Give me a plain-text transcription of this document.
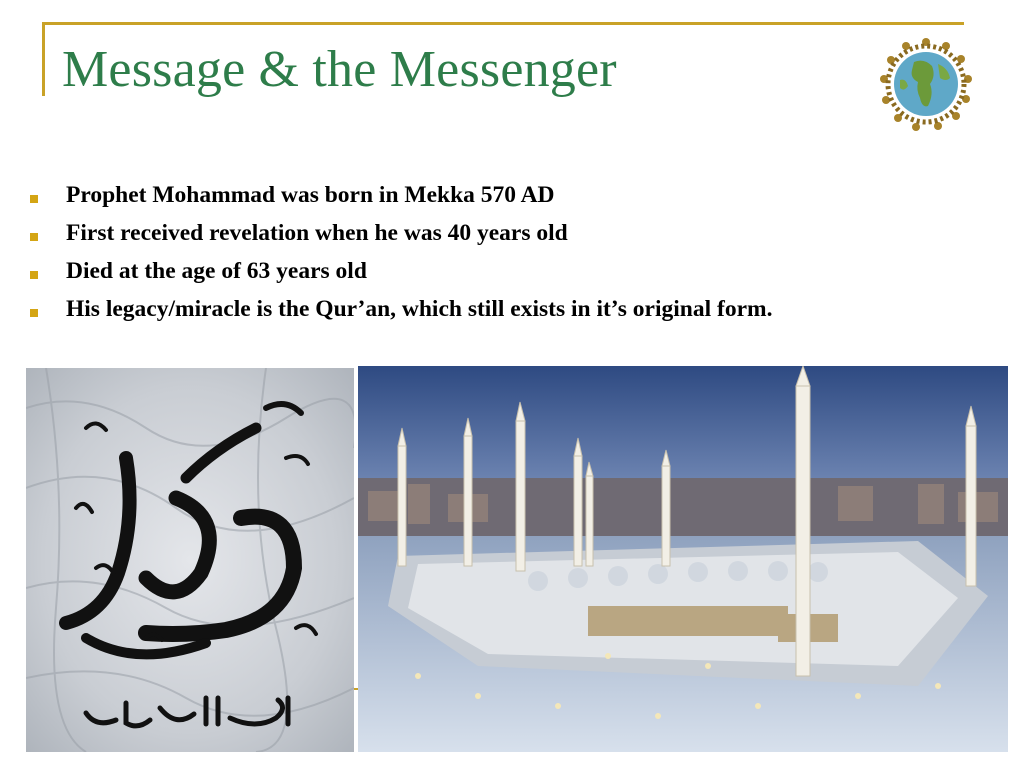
Message & the Messenger
Prophet Mohammad was born in Mekka 570 AD
First received revelation when he was 40 years old
Died at the age of 63 years old
His legacy/miracle is the Qur’an, which still exists in it’s original form.
